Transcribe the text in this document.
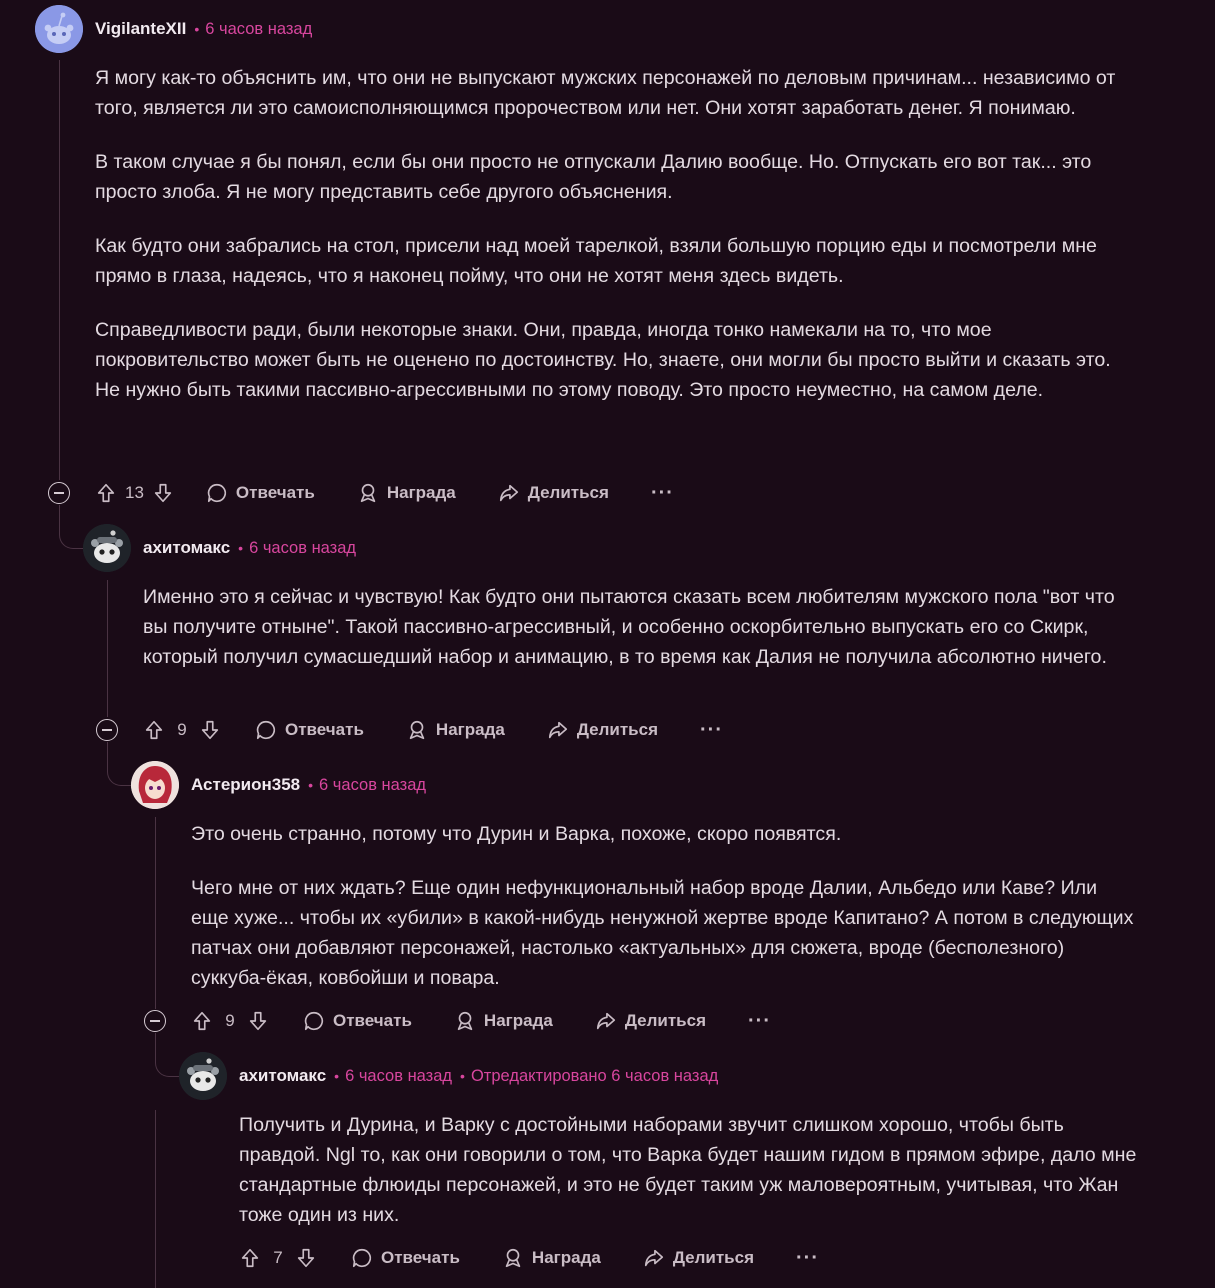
VigilanteXII • 6 часов назад

Я могу как-то объяснить им, что они не выпускают мужских персонажей по деловым причинам... независимо от того, является ли это самоисполняющимся пророчеством или нет. Они хотят заработать денег. Я понимаю.

В таком случае я бы понял, если бы они просто не отпускали Далию вообще. Но. Отпускать его вот так... это просто злоба. Я не могу представить себе другого объяснения.

Как будто они забрались на стол, присели над моей тарелкой, взяли большую порцию еды и посмотрели мне прямо в глаза, надеясь, что я наконец пойму, что они не хотят меня здесь видеть.

Справедливости ради, были некоторые знаки. Они, правда, иногда тонко намекали на то, что мое покровительство может быть не оценено по достоинству. Но, знаете, они могли бы просто выйти и сказать это. Не нужно быть такими пассивно-агрессивными по этому поводу. Это просто неуместно, на самом деле.

13	Отвечать	Награда	Делиться ···
ахитомакс • 6 часов назад

Именно это я сейчас и чувствую! Как будто они пытаются сказать всем любителям мужского пола "вот что вы получите отныне". Такой пассивно-агрессивный, и особенно оскорбительно выпускать его со Скирк, который получил сумасшедший набор и анимацию, в то время как Далия не получила абсолютно ничего.

9	Отвечать	Награда	Делиться ···
Астерион358 • 6 часов назад

Это очень странно, потому что Дурин и Варка, похоже, скоро появятся.

Чего мне от них ждать? Еще один нефункциональный набор вроде Далии, Альбедо или Каве? Или еще хуже... чтобы их «убили» в какой-нибудь ненужной жертве вроде Капитано? А потом в следующих патчах они добавляют персонажей, настолько «актуальных» для сюжета, вроде (бесполезного) суккуба-ёкая, ковбойши и повара.

9	Отвечать	Награда	Делиться ···
ахитомакс • 6 часов назад • Отредактировано 6 часов назад

Получить и Дурина, и Варку с достойными наборами звучит слишком хорошо, чтобы быть правдой. Ngl то, как они говорили о том, что Варка будет нашим гидом в прямом эфире, дало мне стандартные флюиды персонажей, и это не будет таким уж маловероятным, учитывая, что Жан тоже один из них.

7	Отвечать	Награда	Делиться ···
